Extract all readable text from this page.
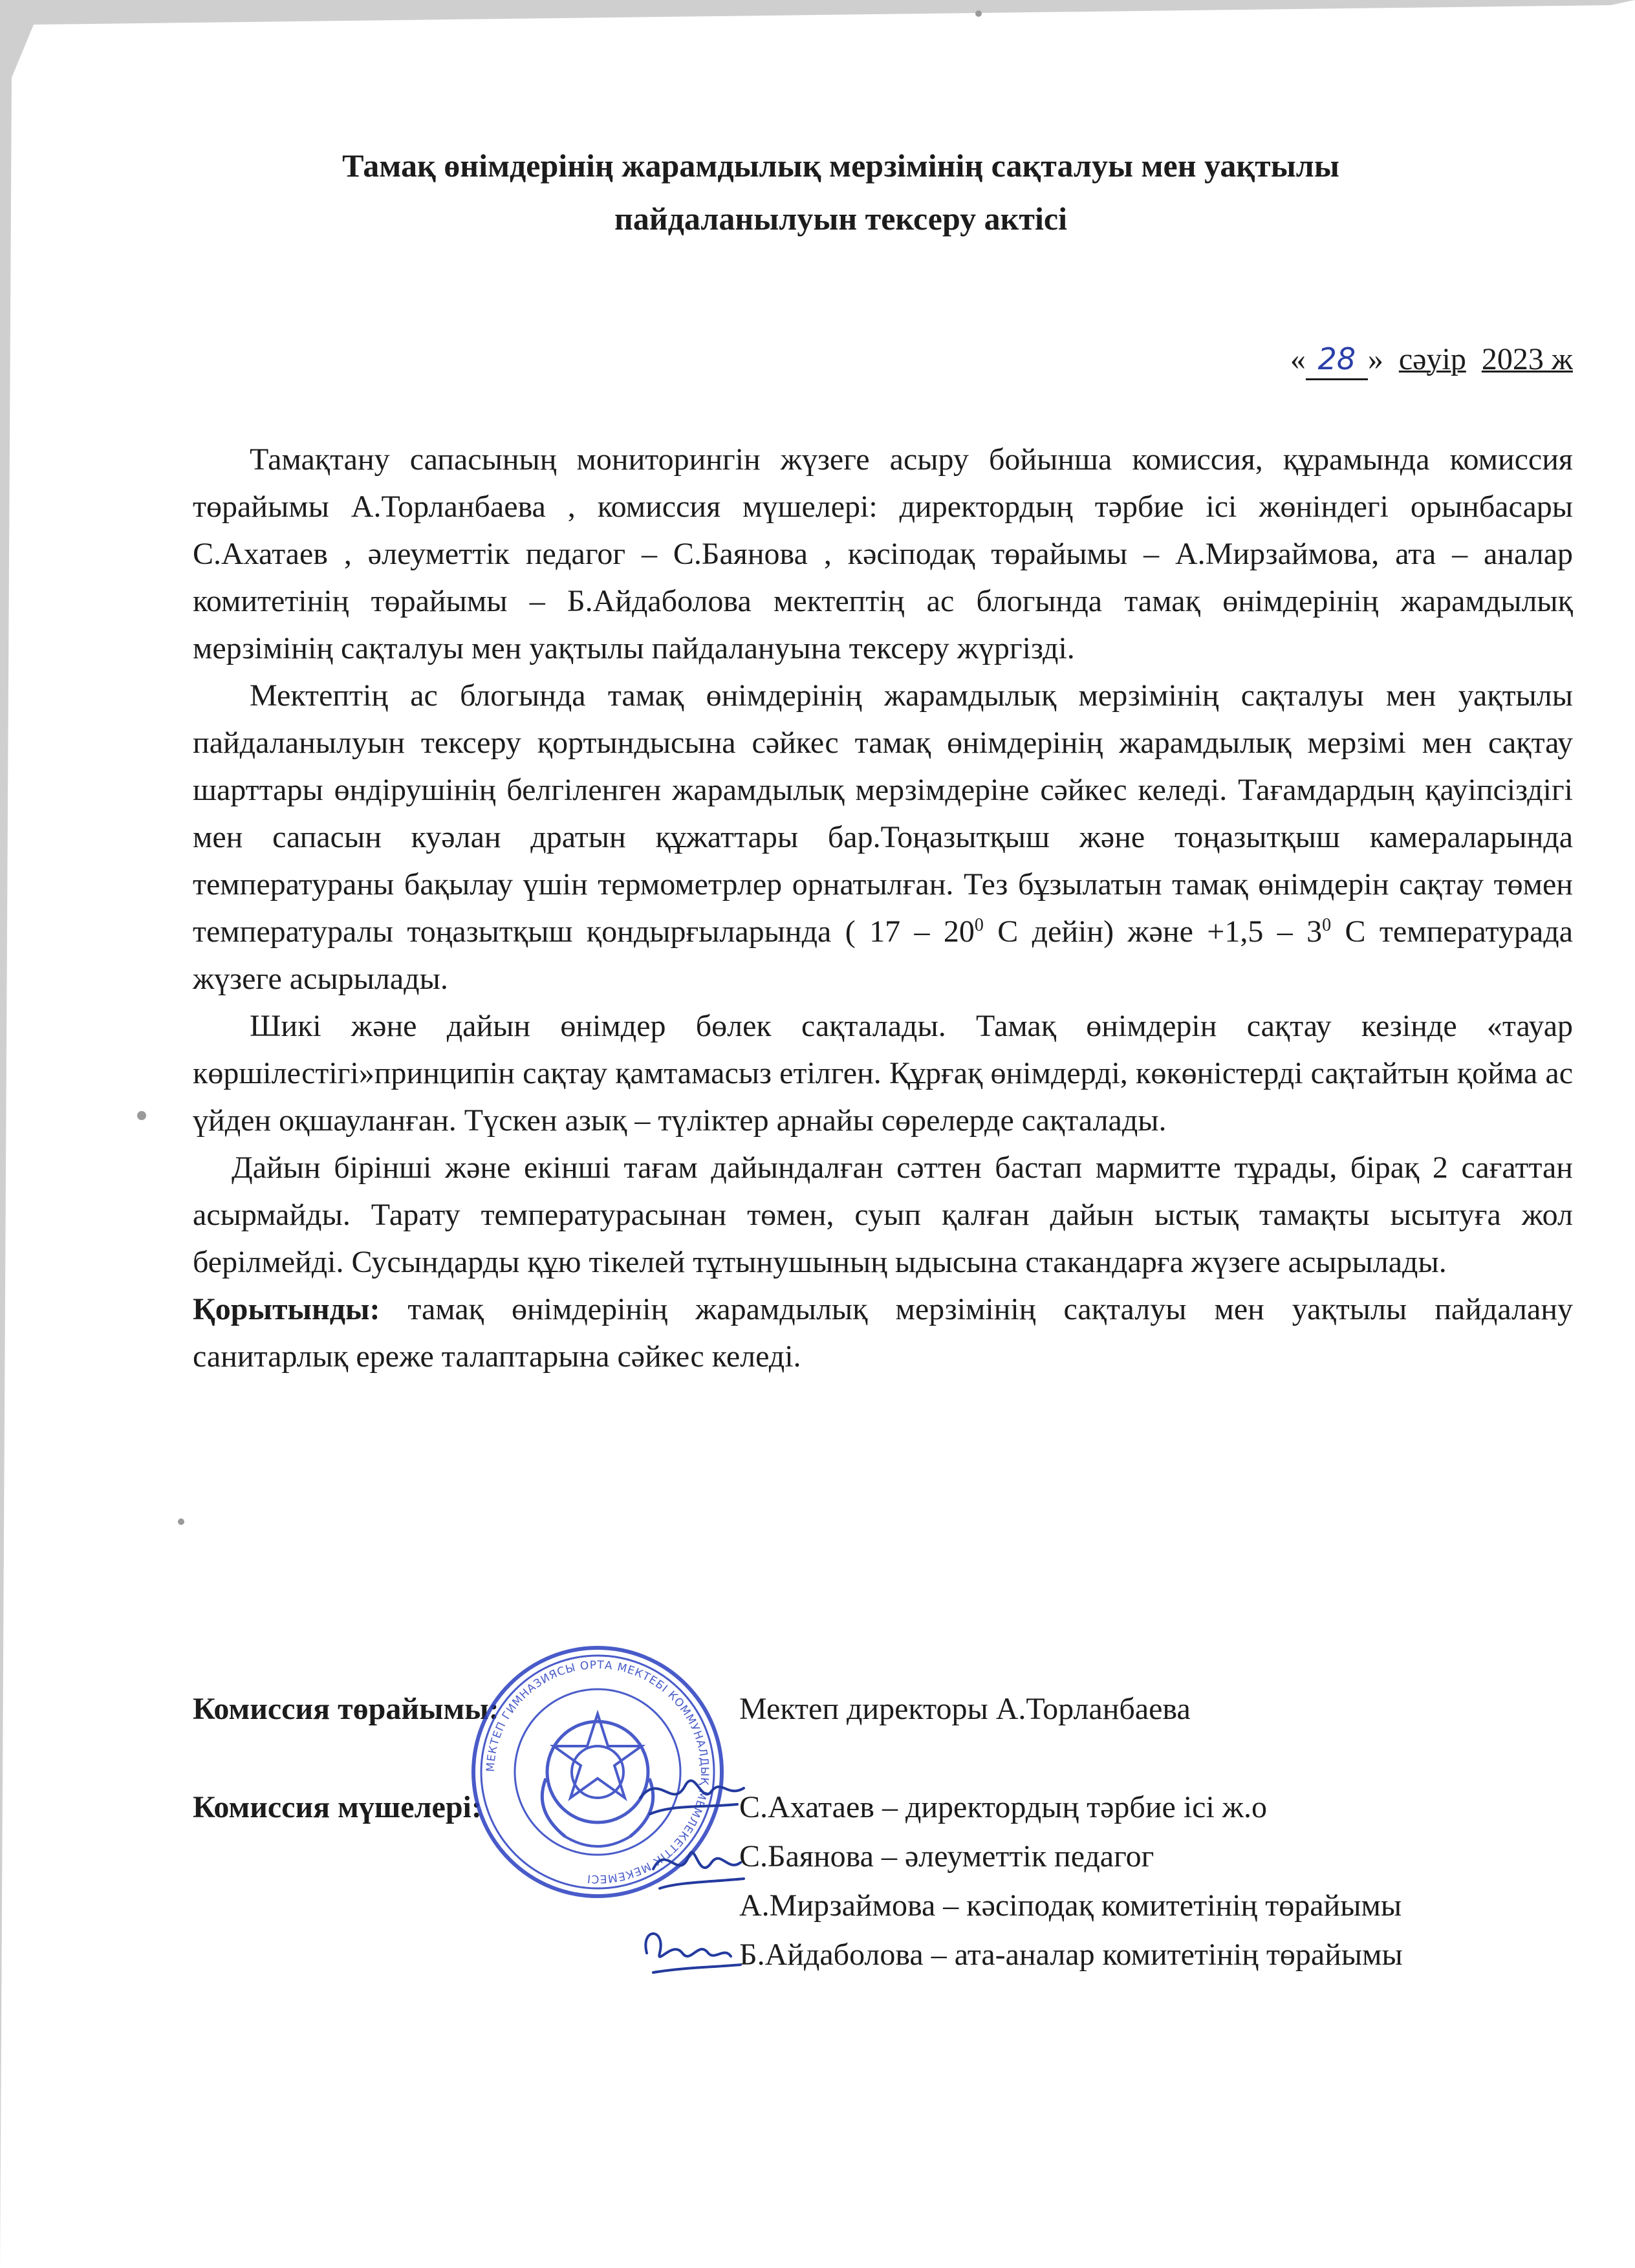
Тамақ өнімдерінің жарамдылық мерзімінің сақталуы мен уақтылы
пайдаланылуын тексеру актісі
« 28 » сәуір 2023 ж

Тамақтану сапасының мониторингін жүзеге асыру бойынша комиссия, құрамында комиссия төрайымы А.Торланбаева , комиссия мүшелері: директордың тәрбие ісі жөніндегі орынбасары С.Ахатаев , әлеуметтік педагог – С.Баянова , кәсіподақ төрайымы – А.Мирзаймова, ата – аналар комитетінің төрайымы – Б.Айдаболова мектептің ас блогында тамақ өнімдерінің жарамдылық мерзімінің сақталуы мен уақтылы пайдалануына тексеру жүргізді.

Мектептің ас блогында тамақ өнімдерінің жарамдылық мерзімінің сақталуы мен уақтылы пайдаланылуын тексеру қортындысына сәйкес тамақ өнімдерінің жарамдылық мерзімі мен сақтау шарттары өндірушінің белгіленген жарамдылық мерзімдеріне сәйкес келеді. Тағамдардың қауіпсіздігі мен сапасын куәлан дратын құжаттары бар.Тоңазытқыш және тоңазытқыш камераларында температураны бақылау үшін термометрлер орнатылған. Тез бұзылатын тамақ өнімдерін сақтау төмен температуралы тоңазытқыш қондырғыларында ( $17 - 20^0$ С дейін) және $+1,5 - 3^0$ С температурада жүзеге асырылады.

Шикі және дайын өнімдер бөлек сақталады. Тамақ өнімдерін сақтау кезінде «тауар көршілестігі»принципін сақтау қамтамасыз етілген. Құрғақ өнімдерді, көкөністерді сақтайтын қойма ас үйден оқшауланған. Түскен азық – түліктер арнайы сөрелерде сақталады.

Дайын бірінші және екінші тағам дайындалған сәттен бастап мармитте тұрады, бірақ 2 сағаттан асырмайды. Тарату температурасынан төмен, суып қалған дайын ыстық тамақты ысытуға жол берілмейді. Сусындарды құю тікелей тұтынушының ыдысына стакандарға жүзеге асырылады.

Қорытынды: тамақ өнімдерінің жарамдылық мерзімінің сақталуы мен уақтылы пайдалану санитарлық ереже талаптарына сәйкес келеді.

Комиссия төрайымы:	Мектеп директоры А.Торланбаева
Комиссия мүшелері:	С.Ахатаев – директордың тәрбие ісі ж.о
С.Баянова – әлеуметтік педагог
А.Мирзаймова – кәсіподақ комитетінің төрайымы
Б.Айдаболова – ата-аналар комитетінің төрайымы
МЕКТЕП ГИМНАЗИЯСЫ ОРТА МЕКТЕБІ КОММУНАЛДЫҚ МЕМЛЕКЕТТІК МЕКЕМЕСІ
